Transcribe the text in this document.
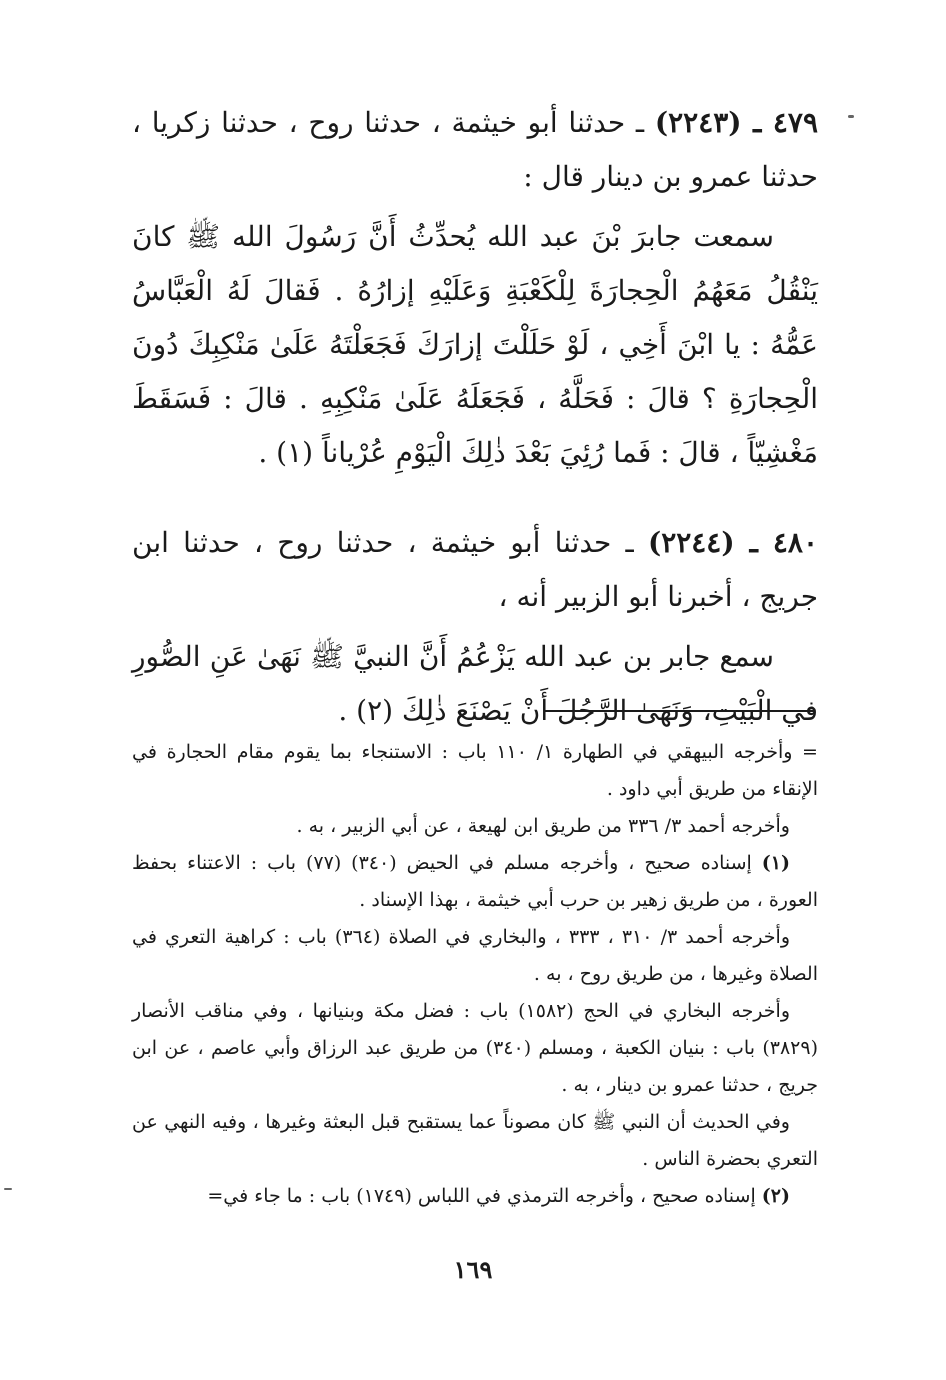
٤٧٩ ـ (٢٢٤٣) ـ حدثنا أبو خيثمة ، حدثنا روح ، حدثنا زكريا ، حدثنا عمرو بن دينار قال :

سمعت جابرَ بْنَ عبد الله يُحدِّثُ أَنَّ رَسُولَ الله ﷺ كانَ يَنْقُلُ مَعَهُمُ الْحِجارَةَ لِلْكَعْبَةِ وَعَلَيْهِ إزارُهُ . فَقالَ لَهُ الْعَبَّاسُ عَمُّهُ : يا ابْنَ أَخِي ، لَوْ حَلَلْتَ إزارَكَ فَجَعَلْتَهُ عَلَىٰ مَنْكِبِكَ دُونَ الْحِجارَةِ ؟ قالَ : فَحَلَّهُ ، فَجَعَلَهُ عَلَىٰ مَنْكِبِهِ . قالَ : فَسَقَطَ مَغْشِيّاً ، قالَ : فَما رُئِيَ بَعْدَ ذٰلِكَ الْيَوْمِ عُرْياناً (١) .

٤٨٠ ـ (٢٢٤٤) ـ حدثنا أبو خيثمة ، حدثنا روح ، حدثنا ابن جريج ، أخبرنا أبو الزبير أنه ،

سمع جابر بن عبد الله يَزْعُمُ أَنَّ النبيَّ ﷺ نَهَىٰ عَنِ الصُّورِ في الْبَيْتِ، وَنَهَىٰ الرَّجُلَ أَنْ يَصْنَعَ ذٰلِكَ (٢) .

= وأخرجه البيهقي في الطهارة ١/ ١١٠ باب : الاستنجاء بما يقوم مقام الحجارة في الإنقاء من طريق أبي داود .

وأخرجه أحمد ٣/ ٣٣٦ من طريق ابن لهيعة ، عن أبي الزبير ، به .

(١) إسناده صحيح ، وأخرجه مسلم في الحيض (٣٤٠) (٧٧) باب : الاعتناء بحفظ العورة ، من طريق زهير بن حرب أبي خيثمة ، بهذا الإسناد .

وأخرجه أحمد ٣/ ٣١٠ ، ٣٣٣ ، والبخاري في الصلاة (٣٦٤) باب : كراهية التعري في الصلاة وغيرها ، من طريق روح ، به .

وأخرجه البخاري في الحج (١٥٨٢) باب : فضل مكة وبنيانها ، وفي مناقب الأنصار (٣٨٢٩) باب : بنيان الكعبة ، ومسلم (٣٤٠) من طريق عبد الرزاق وأبي عاصم ، عن ابن جريج ، حدثنا عمرو بن دينار ، به .

وفي الحديث أن النبي ﷺ كان مصوناً عما يستقبح قبل البعثة وغيرها ، وفيه النهي عن التعري بحضرة الناس .

(٢) إسناده صحيح ، وأخرجه الترمذي في اللباس (١٧٤٩) باب : ما جاء في=

١٦٩
